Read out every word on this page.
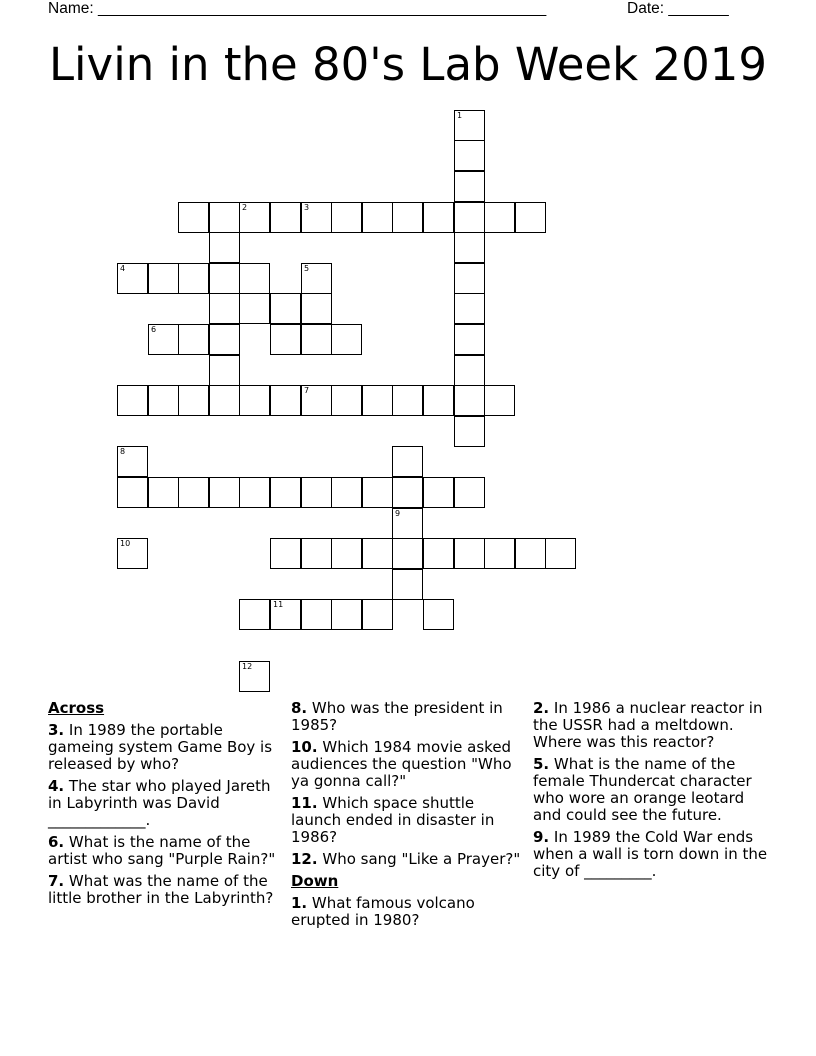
Name: ____________________________________________________	Date: _______
Livin in the 80's Lab Week 2019
1
2	3
4
6
7
9
11
5
8
10
12
Across
3. In 1989 the portable gameing system Game Boy is released by who?
4. The star who played Jareth in Labyrinth was David _____________.
6. What is the name of the artist who sang "Purple Rain?"
7. What was the name of the little brother in the Labyrinth?
8. Who was the president in 1985?
10. Which 1984 movie asked audiences the question "Who ya gonna call?"
11. Which space shuttle launch ended in disaster in 1986?
12. Who sang "Like a Prayer?"
Down
1. What famous volcano erupted in 1980?
2. In 1986 a nuclear reactor in the USSR had a meltdown. Where was this reactor?
5. What is the name of the female Thundercat character who wore an orange leotard and could see the future.
9. In 1989 the Cold War ends when a wall is torn down in the city of _________.
